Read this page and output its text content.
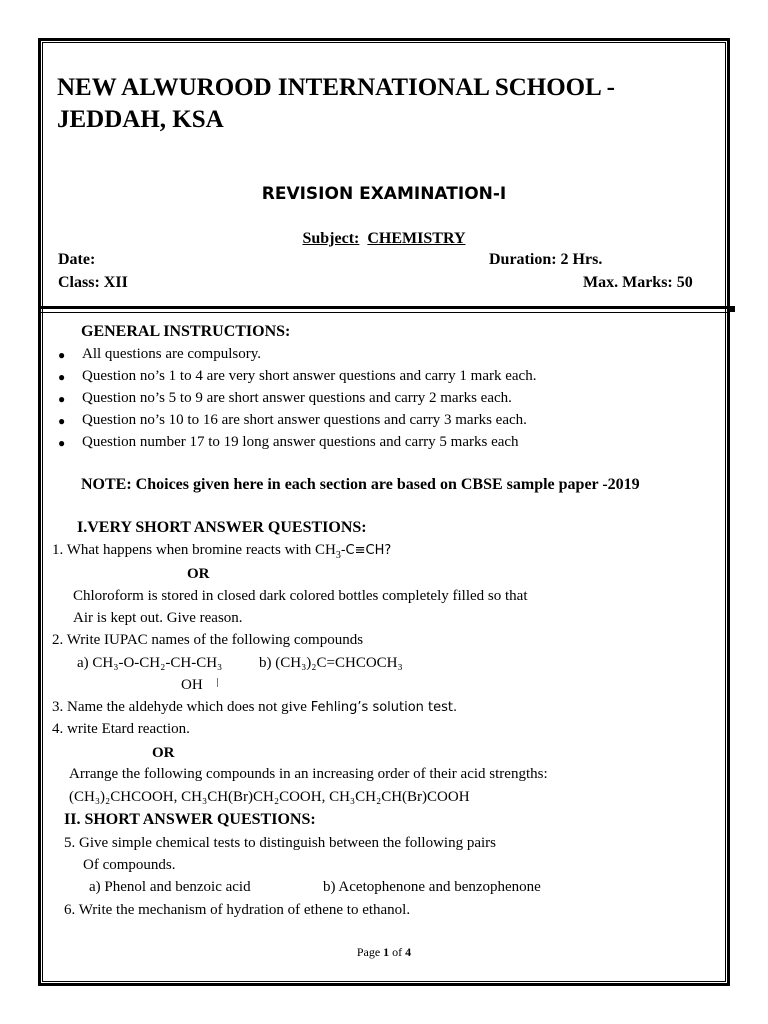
NEW ALWUROOD INTERNATIONAL SCHOOL - JEDDAH, KSA
REVISION EXAMINATION-I
Subject: CHEMISTRY
Date:	Duration: 2 Hrs.
Class: XII	Max. Marks: 50
GENERAL INSTRUCTIONS:
● All questions are compulsory.
● Question no’s 1 to 4 are very short answer questions and carry 1 mark each.
● Question no’s 5 to 9 are short answer questions and carry 2 marks each.
● Question no’s 10 to 16 are short answer questions and carry 3 marks each.
● Question number 17 to 19 long answer questions and carry 5 marks each
NOTE: Choices given here in each section are based on CBSE sample paper -2019
I.VERY SHORT ANSWER QUESTIONS:
1. What happens when bromine reacts with $CH_3-C\equiv CH$?
OR
Chloroform is stored in closed dark colored bottles completely filled so that
Air is kept out. Give reason.
2. Write IUPAC names of the following compounds
a) CH₃-O-CH₂-CH-CH₃ b) (CH₃)₂C=CHCOCH₃
OH
3. Name the aldehyde which does not give Fehling’s solution test.
4. write Etard reaction.
OR
Arrange the following compounds in an increasing order of their acid strengths:
(CH₃)₂CHCOOH, CH₃CH(Br)CH₂COOH, CH₃CH₂CH(Br)COOH
II. SHORT ANSWER QUESTIONS:
5. Give simple chemical tests to distinguish between the following pairs
Of compounds.
a) Phenol and benzoic acid	b) Acetophenone and benzophenone
6. Write the mechanism of hydration of ethene to ethanol.
Page 1 of 4
